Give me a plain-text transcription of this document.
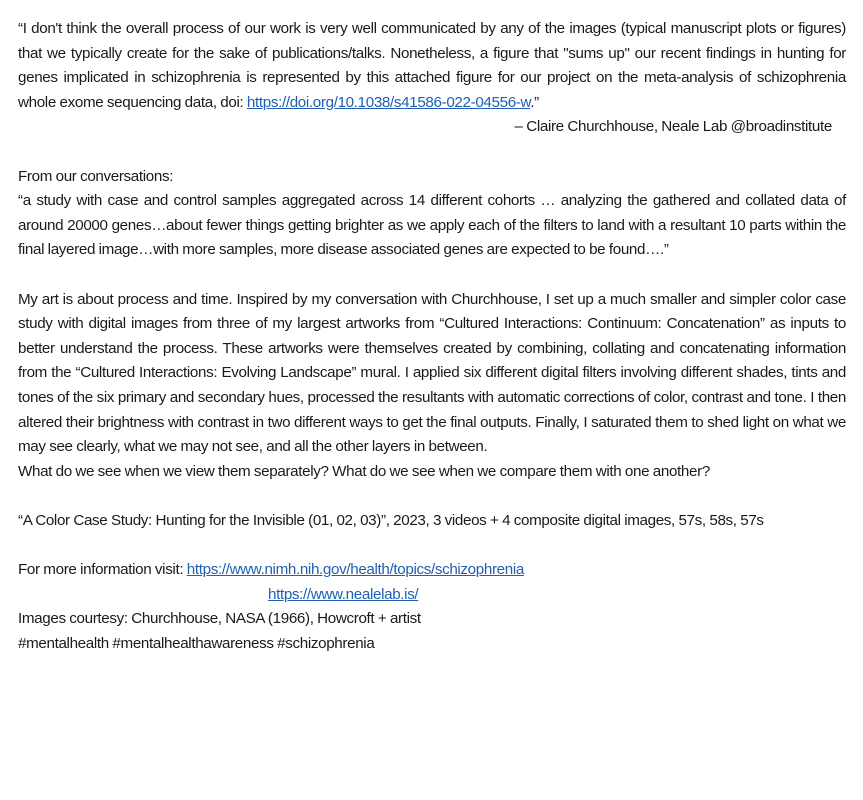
“I don't think the overall process of our work is very well communicated by any of the images (typical manuscript plots or figures) that we typically create for the sake of publications/talks. Nonetheless, a figure that "sums up" our recent findings in hunting for genes implicated in schizophrenia is represented by this attached figure for our project on the meta-analysis of schizophrenia whole exome sequencing data, doi: https://doi.org/10.1038/s41586-022-04556-w.”

– Claire Churchhouse, Neale Lab @broadinstitute

From our conversations:

“a study with case and control samples aggregated across 14 different cohorts … analyzing the gathered and collated data of around 20000 genes…about fewer things getting brighter as we apply each of the filters to land with a resultant 10 parts within the final layered image…with more samples, more disease associated genes are expected to be found….”

My art is about process and time. Inspired by my conversation with Churchhouse, I set up a much smaller and simpler color case study with digital images from three of my largest artworks from “Cultured Interactions: Continuum: Concatenation” as inputs to better understand the process. These artworks were themselves created by combining, collating and concatenating information from the “Cultured Interactions: Evolving Landscape” mural. I applied six different digital filters involving different shades, tints and tones of the six primary and secondary hues, processed the resultants with automatic corrections of color, contrast and tone. I then altered their brightness with contrast in two different ways to get the final outputs. Finally, I saturated them to shed light on what we may see clearly, what we may not see, and all the other layers in between.

What do we see when we view them separately? What do we see when we compare them with one another?

“A Color Case Study: Hunting for the Invisible (01, 02, 03)”, 2023, 3 videos + 4 composite digital images, 57s, 58s, 57s

For more information visit: https://www.nimh.nih.gov/health/topics/schizophrenia

https://www.nealelab.is/

Images courtesy: Churchhouse, NASA (1966), Howcroft + artist

#mentalhealth #mentalhealthawareness #schizophrenia
